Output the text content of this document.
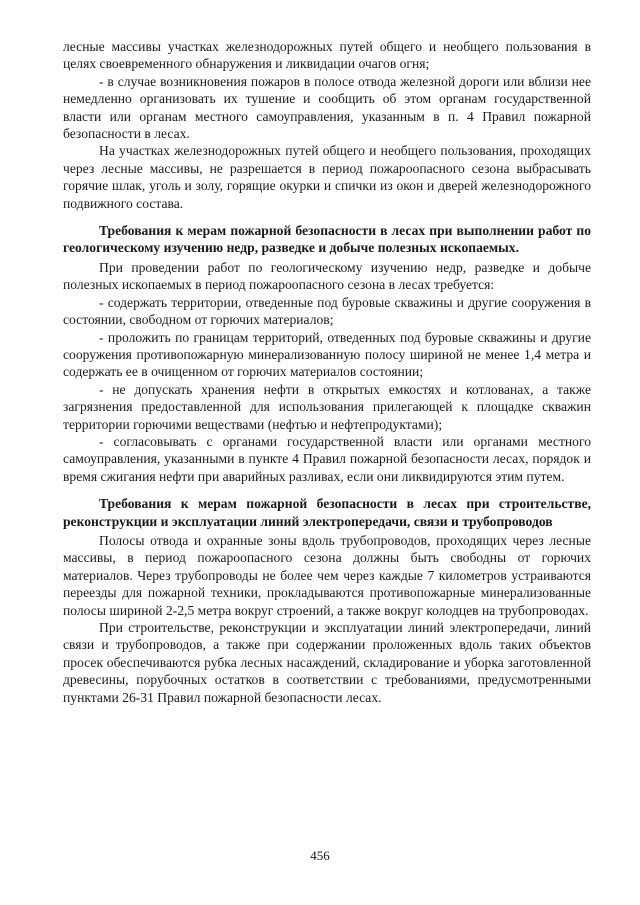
лесные массивы участках железнодорожных путей общего и необщего пользования в целях своевременного обнаружения и ликвидации очагов огня;

- в случае возникновения пожаров в полосе отвода железной дороги или вблизи нее немедленно организовать их тушение и сообщить об этом органам государственной власти или органам местного самоуправления, указанным в п. 4 Правил пожарной безопасности в лесах.

На участках железнодорожных путей общего и необщего пользования, проходящих через лесные массивы, не разрешается в период пожароопасного сезона выбрасывать горячие шлак, уголь и золу, горящие окурки и спички из окон и дверей железнодорожного подвижного состава.

Требования к мерам пожарной безопасности в лесах при выполнении работ по геологическому изучению недр, разведке и добыче полезных ископаемых.

При проведении работ по геологическому изучению недр, разведке и добыче полезных ископаемых в период пожароопасного сезона в лесах требуется:

- содержать территории, отведенные под буровые скважины и другие сооружения в состоянии, свободном от горючих материалов;

- проложить по границам территорий, отведенных под буровые скважины и другие сооружения противопожарную минерализованную полосу шириной не менее 1,4 метра и содержать ее в очищенном от горючих материалов состоянии;

- не допускать хранения нефти в открытых емкостях и котлованах, а также загрязнения предоставленной для использования прилегающей к площадке скважин территории горючими веществами (нефтью и нефтепродуктами);

- согласовывать с органами государственной власти или органами местного самоуправления, указанными в пункте 4 Правил пожарной безопасности лесах, порядок и время сжигания нефти при аварийных разливах, если они ликвидируются этим путем.

Требования к мерам пожарной безопасности в лесах при строительстве, реконструкции и эксплуатации линий электропередачи, связи и трубопроводов

Полосы отвода и охранные зоны вдоль трубопроводов, проходящих через лесные массивы, в период пожароопасного сезона должны быть свободны от горючих материалов. Через трубопроводы не более чем через каждые 7 километров устраиваются переезды для пожарной техники, прокладываются противопожарные минерализованные полосы шириной 2-2,5 метра вокруг строений, а также вокруг колодцев на трубопроводах.

При строительстве, реконструкции и эксплуатации линий электропередачи, линий связи и трубопроводов, а также при содержании проложенных вдоль таких объектов просек обеспечиваются рубка лесных насаждений, складирование и уборка заготовленной древесины, порубочных остатков в соответствии с требованиями, предусмотренными пунктами 26-31 Правил пожарной безопасности лесах.

456
